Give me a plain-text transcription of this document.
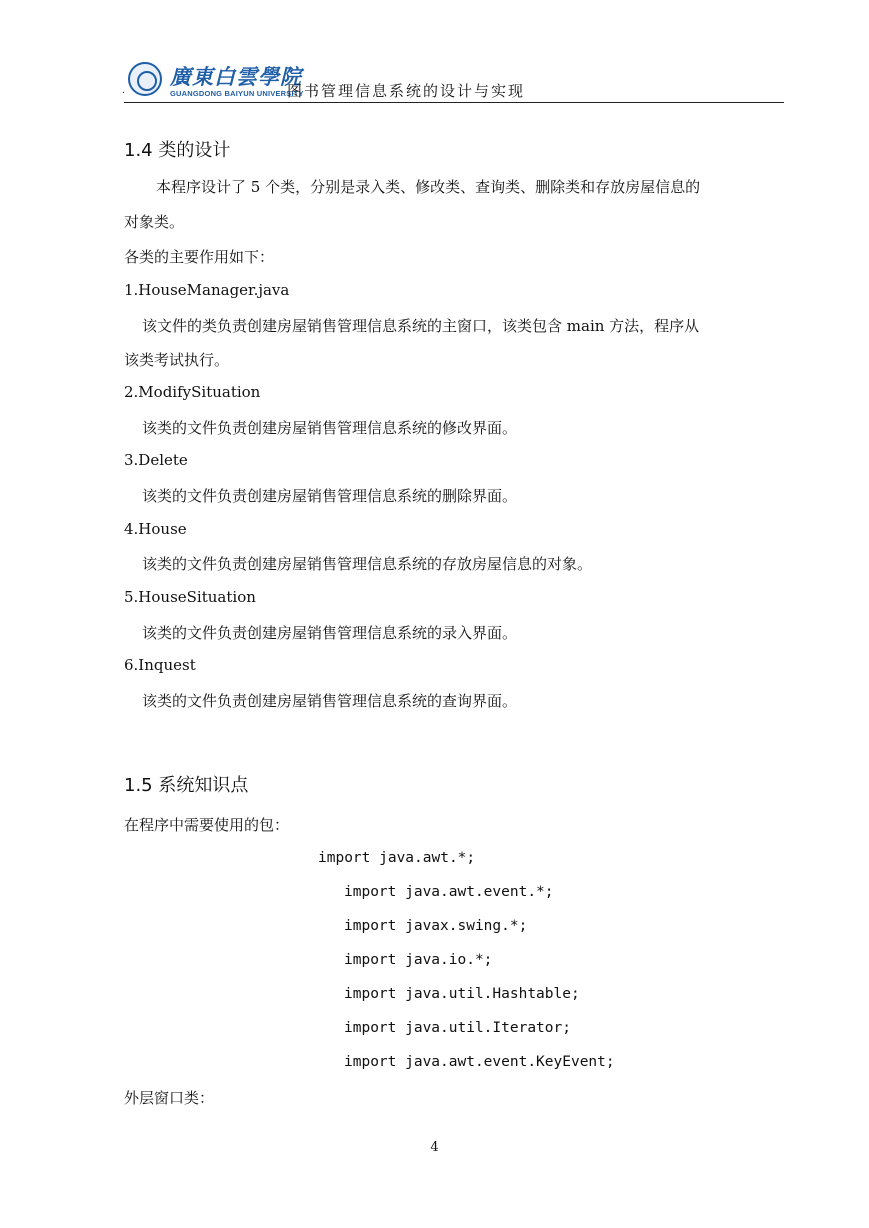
廣東白雲學院
GUANGDONG BAIYUN UNIVERSITY
.	图书管理信息系统的设计与实现
1.4 类的设计
本程序设计了 5 个类，分别是录入类、修改类、查询类、删除类和存放房屋信息的
对象类。
各类的主要作用如下：
1.HouseManager.java
该文件的类负责创建房屋销售管理信息系统的主窗口，该类包含 main 方法，程序从
该类考试执行。
2.ModifySituation
该类的文件负责创建房屋销售管理信息系统的修改界面。
3.Delete
该类的文件负责创建房屋销售管理信息系统的删除界面。
4.House
该类的文件负责创建房屋销售管理信息系统的存放房屋信息的对象。
5.HouseSituation
该类的文件负责创建房屋销售管理信息系统的录入界面。
6.Inquest
该类的文件负责创建房屋销售管理信息系统的查询界面。
1.5 系统知识点
在程序中需要使用的包：
import java.awt.*;
import java.awt.event.*;
import javax.swing.*;
import java.io.*;
import java.util.Hashtable;
import java.util.Iterator;
import java.awt.event.KeyEvent;
外层窗口类：
4
